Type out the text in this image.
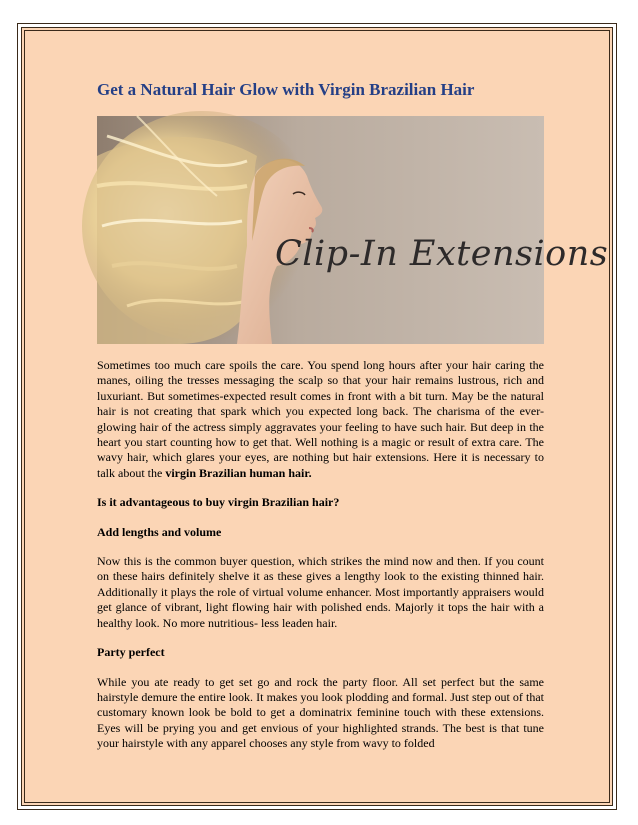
Get a Natural Hair Glow with Virgin Brazilian Hair
Clip-In Extensions

Sometimes too much care spoils the care. You spend long hours after your hair caring the manes, oiling the tresses messaging the scalp so that your hair remains lustrous, rich and luxuriant. But sometimes-expected result comes in front with a bit turn. May be the natural hair is not creating that spark which you expected long back. The charisma of the ever-glowing hair of the actress simply aggravates your feeling to have such hair. But deep in the heart you start counting how to get that. Well nothing is a magic or result of extra care. The wavy hair, which glares your eyes, are nothing but hair extensions. Here it is necessary to talk about the virgin Brazilian human hair.

Is it advantageous to buy virgin Brazilian hair?

Add lengths and volume

Now this is the common buyer question, which strikes the mind now and then. If you count on these hairs definitely shelve it as these gives a lengthy look to the existing thinned hair. Additionally it plays the role of virtual volume enhancer. Most importantly appraisers would get glance of vibrant, light flowing hair with polished ends. Majorly it tops the hair with a healthy look. No more nutritious- less leaden hair.

Party perfect

While you ate ready to get set go and rock the party floor. All set perfect but the same hairstyle demure the entire look. It makes you look plodding and formal. Just step out of that customary known look be bold to get a dominatrix feminine touch with these extensions. Eyes will be prying you and get envious of your highlighted strands. The best is that tune your hairstyle with any apparel chooses any style from wavy to folded
